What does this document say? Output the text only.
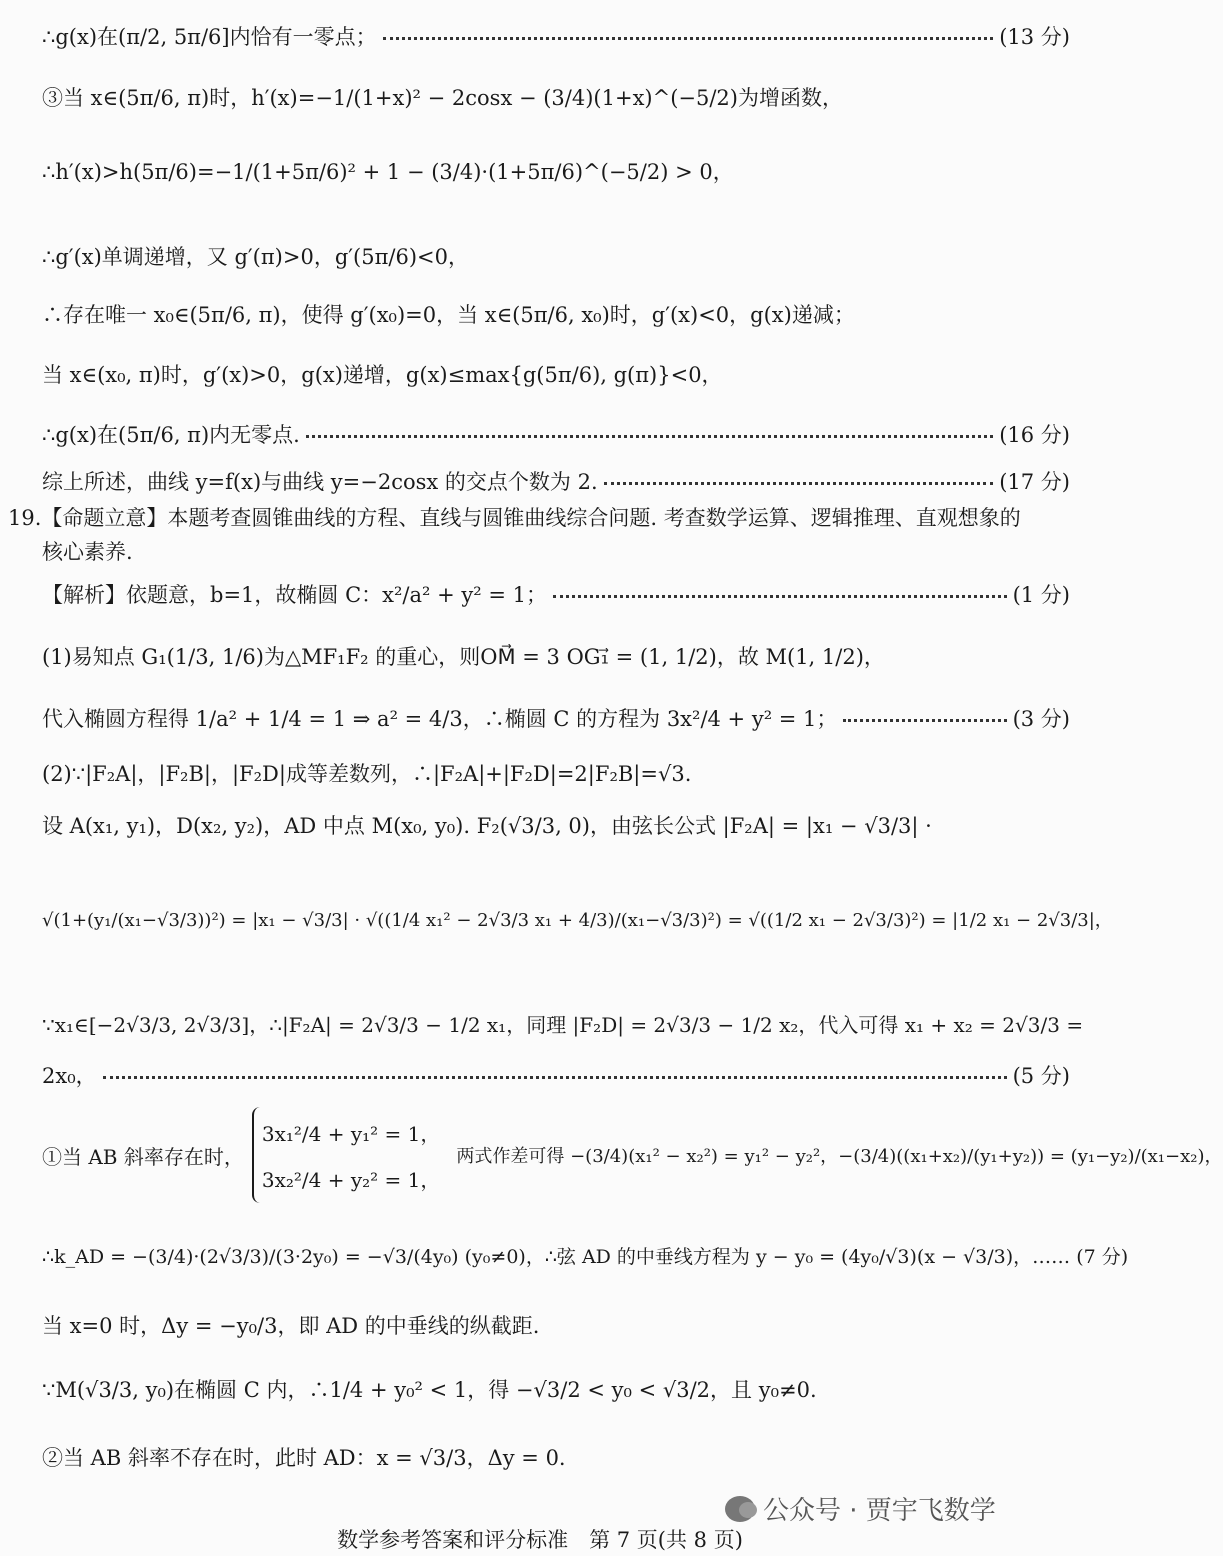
∴g(x)在(π/2, 5π/6]内恰有一零点；	(13 分)
③当 x∈(5π/6, π)时，h′(x)=−1/(1+x)² − 2cosx − (3/4)(1+x)^(−5/2)为增函数，
∴h′(x)>h(5π/6)=−1/(1+5π/6)² + 1 − (3/4)·(1+5π/6)^(−5/2) > 0，
∴g′(x)单调递增，又 g′(π)>0，g′(5π/6)<0，
∴存在唯一 x₀∈(5π/6, π)，使得 g′(x₀)=0，当 x∈(5π/6, x₀)时，g′(x)<0，g(x)递减；
当 x∈(x₀, π)时，g′(x)>0，g(x)递增，g(x)≤max{g(5π/6), g(π)}<0，
∴g(x)在(5π/6, π)内无零点.	(16 分)
综上所述，曲线 y=f(x)与曲线 y=−2cosx 的交点个数为 2.	(17 分)
19.【命题立意】本题考查圆锥曲线的方程、直线与圆锥曲线综合问题. 考查数学运算、逻辑推理、直观想象的
核心素养.
【解析】依题意，b=1，故椭圆 C：x²/a² + y² = 1；	(1 分)
(1)易知点 G₁(1/3, 1/6)为△MF₁F₂ 的重心，则OM⃗ = 3 OG₁⃗ = (1, 1/2)，故 M(1, 1/2)，
代入椭圆方程得 1/a² + 1/4 = 1 ⇒ a² = 4/3，∴椭圆 C 的方程为 3x²/4 + y² = 1；	(3 分)
(2)∵|F₂A|，|F₂B|，|F₂D|成等差数列，∴|F₂A|+|F₂D|=2|F₂B|=√3.
设 A(x₁, y₁)，D(x₂, y₂)，AD 中点 M(x₀, y₀). F₂(√3/3, 0)，由弦长公式 |F₂A| = |x₁ − √3/3| ·
√(1+(y₁/(x₁−√3/3))²) = |x₁ − √3/3| · √((1/4 x₁² − 2√3/3 x₁ + 4/3)/(x₁−√3/3)²) = √((1/2 x₁ − 2√3/3)²) = |1/2 x₁ − 2√3/3|，
∵x₁∈[−2√3/3, 2√3/3]，∴|F₂A| = 2√3/3 − 1/2 x₁，同理 |F₂D| = 2√3/3 − 1/2 x₂，代入可得 x₁ + x₂ = 2√3/3 =
2x₀，	(5 分)
①当 AB 斜率存在时，
3x₁²/4 + y₁² = 1，
3x₂²/4 + y₂² = 1，
两式作差可得 −(3/4)(x₁² − x₂²) = y₁² − y₂²，−(3/4)((x₁+x₂)/(y₁+y₂)) = (y₁−y₂)/(x₁−x₂)，
∴k_AD = −(3/4)·(2√3/3)/(3·2y₀) = −√3/(4y₀) (y₀≠0)，∴弦 AD 的中垂线方程为 y − y₀ = (4y₀/√3)(x − √3/3)， …… (7 分)
当 x=0 时，Δy = −y₀/3，即 AD 的中垂线的纵截距.
∵M(√3/3, y₀)在椭圆 C 内，∴1/4 + y₀² < 1，得 −√3/2 < y₀ < √3/2，且 y₀≠0.
②当 AB 斜率不存在时，此时 AD：x = √3/3，Δy = 0.
公众号 · 贾宇飞数学
数学参考答案和评分标准　第 7 页(共 8 页)
